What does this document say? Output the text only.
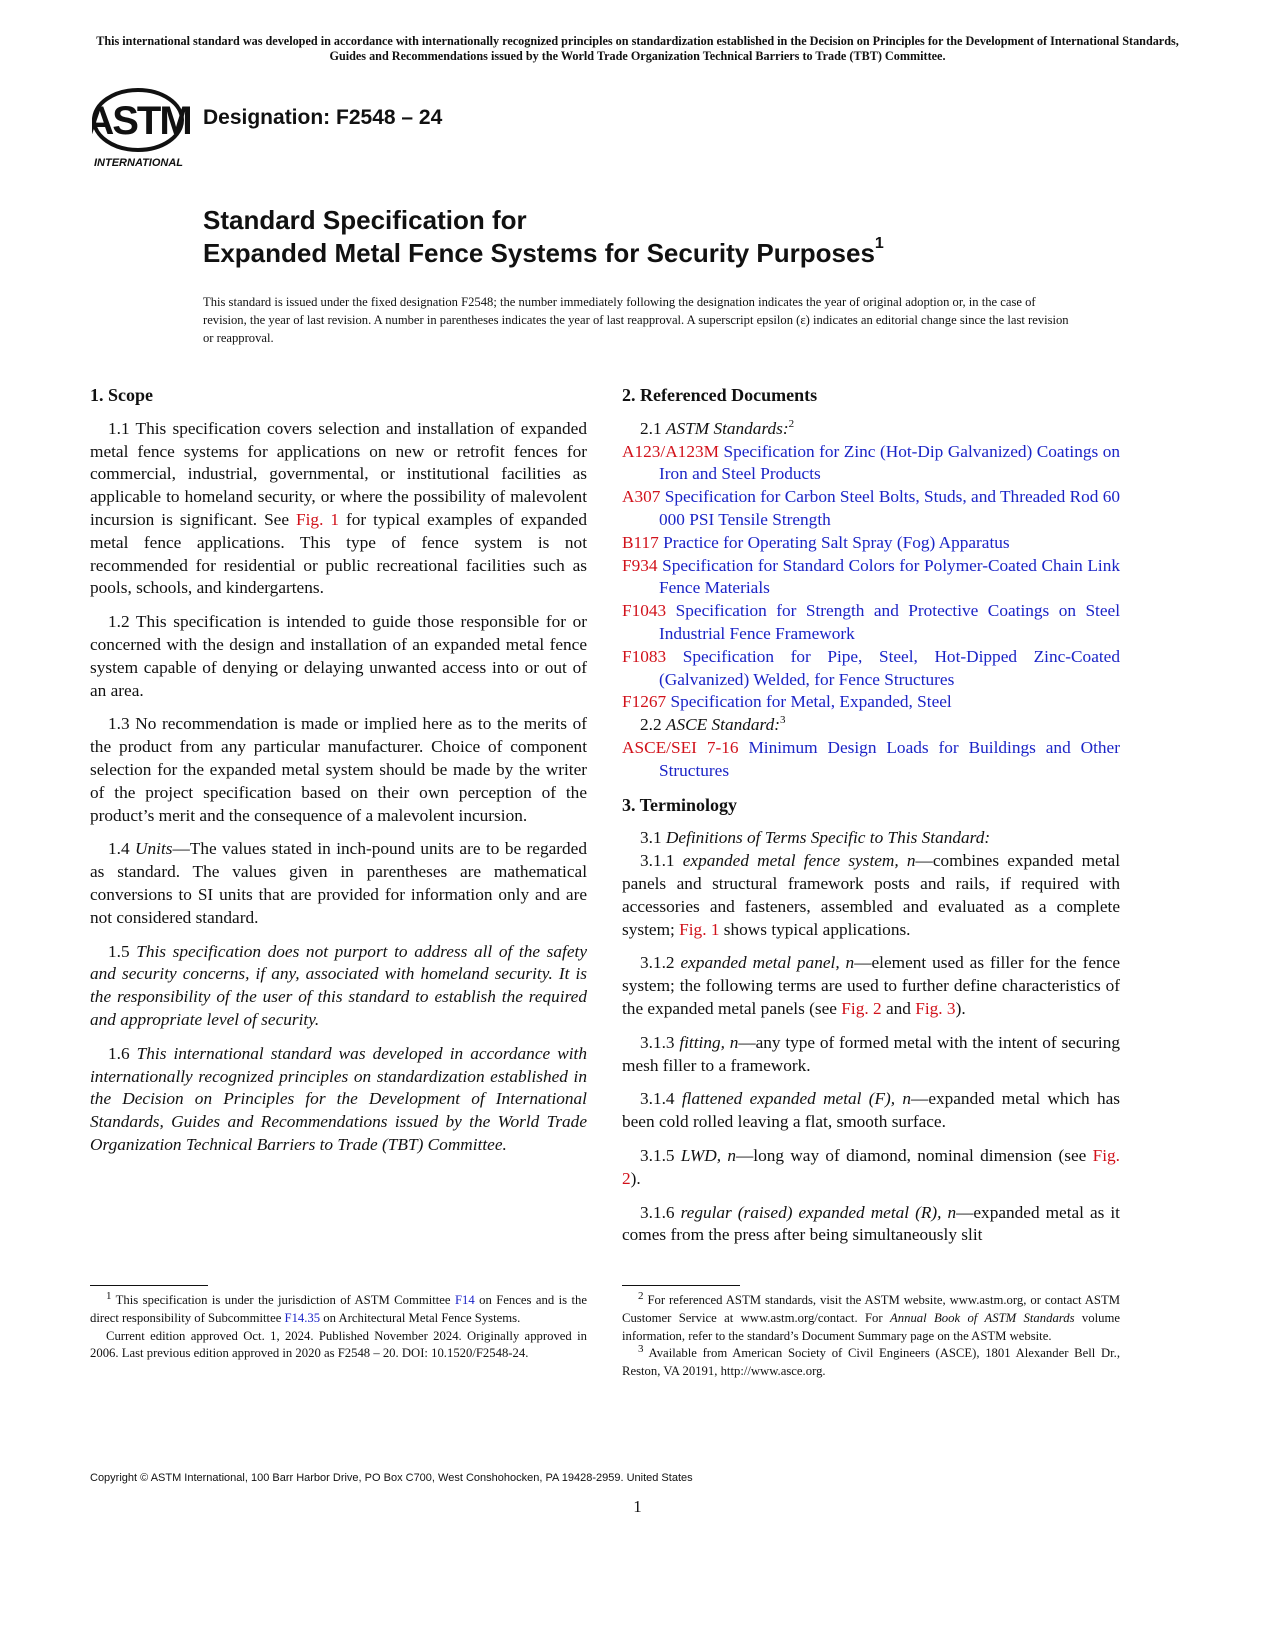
This international standard was developed in accordance with internationally recognized principles on standardization established in the Decision on Principles for the Development of International Standards, Guides and Recommendations issued by the World Trade Organization Technical Barriers to Trade (TBT) Committee.
ASTM
INTERNATIONAL
Designation: F2548 – 24
Standard Specification for
Expanded Metal Fence Systems for Security Purposes$^1$
This standard is issued under the fixed designation F2548; the number immediately following the designation indicates the year of original adoption or, in the case of revision, the year of last revision. A number in parentheses indicates the year of last reapproval. A superscript epsilon (ε) indicates an editorial change since the last revision or reapproval.
1. Scope

1.1 This specification covers selection and installation of expanded metal fence systems for applications on new or retrofit fences for commercial, industrial, governmental, or institutional facilities as applicable to homeland security, or where the possibility of malevolent incursion is significant. See Fig. 1 for typical examples of expanded metal fence applications. This type of fence system is not recommended for residential or public recreational facilities such as pools, schools, and kindergartens.

1.2 This specification is intended to guide those responsible for or concerned with the design and installation of an expanded metal fence system capable of denying or delaying unwanted access into or out of an area.

1.3 No recommendation is made or implied here as to the merits of the product from any particular manufacturer. Choice of component selection for the expanded metal system should be made by the writer of the project specification based on their own perception of the product’s merit and the consequence of a malevolent incursion.

1.4 Units—The values stated in inch-pound units are to be regarded as standard. The values given in parentheses are mathematical conversions to SI units that are provided for information only and are not considered standard.

1.5 This specification does not purport to address all of the safety and security concerns, if any, associated with homeland security. It is the responsibility of the user of this standard to establish the required and appropriate level of security.

1.6 This international standard was developed in accordance with internationally recognized principles on standardization established in the Decision on Principles for the Development of International Standards, Guides and Recommendations issued by the World Trade Organization Technical Barriers to Trade (TBT) Committee.

2. Referenced Documents
2.1 ASTM Standards:$^2$
A123/A123M Specification for Zinc (Hot-Dip Galvanized) Coatings on Iron and Steel Products
A307 Specification for Carbon Steel Bolts, Studs, and Threaded Rod 60 000 PSI Tensile Strength
B117 Practice for Operating Salt Spray (Fog) Apparatus
F934 Specification for Standard Colors for Polymer-Coated Chain Link Fence Materials
F1043 Specification for Strength and Protective Coatings on Steel Industrial Fence Framework
F1083 Specification for Pipe, Steel, Hot-Dipped Zinc-Coated (Galvanized) Welded, for Fence Structures
F1267 Specification for Metal, Expanded, Steel
2.2 ASCE Standard:$^3$
ASCE/SEI 7-16 Minimum Design Loads for Buildings and Other Structures
3. Terminology
3.1 Definitions of Terms Specific to This Standard:

3.1.1 expanded metal fence system, n—combines expanded metal panels and structural framework posts and rails, if required with accessories and fasteners, assembled and evaluated as a complete system; Fig. 1 shows typical applications.

3.1.2 expanded metal panel, n—element used as filler for the fence system; the following terms are used to further define characteristics of the expanded metal panels (see Fig. 2 and Fig. 3).

3.1.3 fitting, n—any type of formed metal with the intent of securing mesh filler to a framework.

3.1.4 flattened expanded metal (F), n—expanded metal which has been cold rolled leaving a flat, smooth surface.

3.1.5 LWD, n—long way of diamond, nominal dimension (see Fig. 2).

3.1.6 regular (raised) expanded metal (R), n—expanded metal as it comes from the press after being simultaneously slit

$^1$ This specification is under the jurisdiction of ASTM Committee F14 on Fences and is the direct responsibility of Subcommittee F14.35 on Architectural Metal Fence Systems.

Current edition approved Oct. 1, 2024. Published November 2024. Originally approved in 2006. Last previous edition approved in 2020 as F2548 – 20. DOI: 10.1520/F2548-24.

$^2$ For referenced ASTM standards, visit the ASTM website, www.astm.org, or contact ASTM Customer Service at www.astm.org/contact. For Annual Book of ASTM Standards volume information, refer to the standard’s Document Summary page on the ASTM website.

$^3$ Available from American Society of Civil Engineers (ASCE), 1801 Alexander Bell Dr., Reston, VA 20191, http://www.asce.org.

Copyright © ASTM International, 100 Barr Harbor Drive, PO Box C700, West Conshohocken, PA 19428-2959. United States
1
